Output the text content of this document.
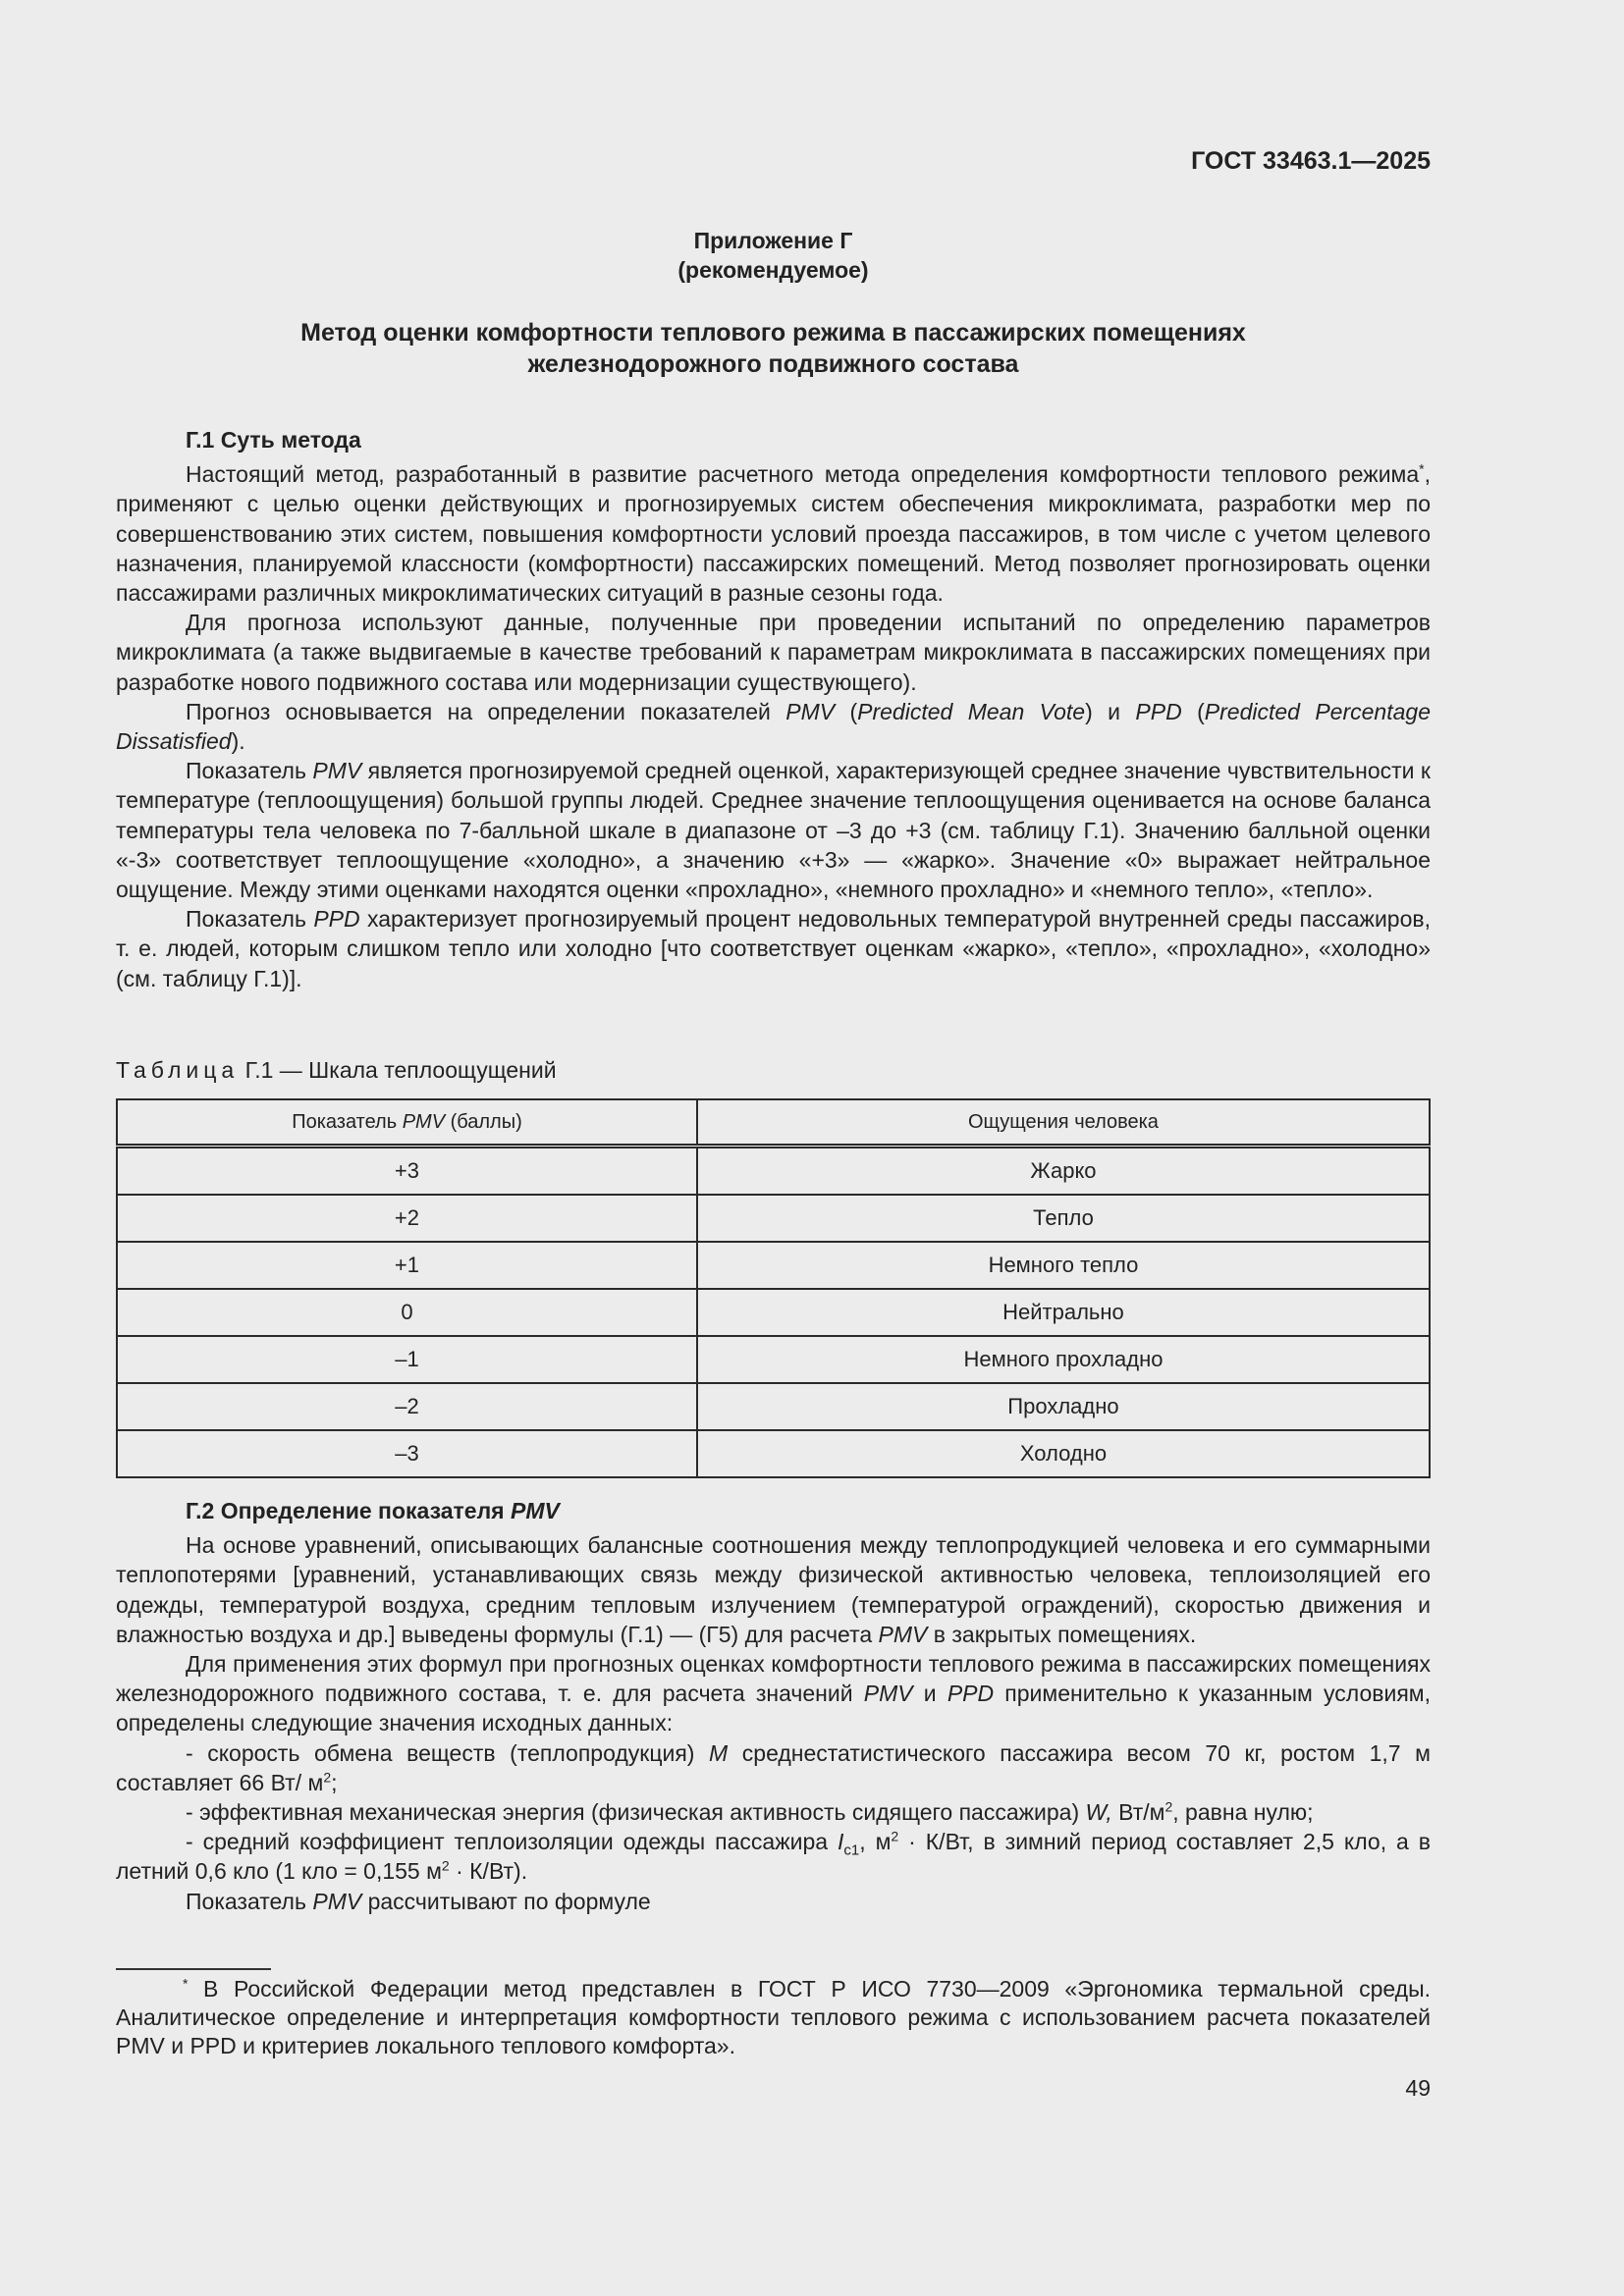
ГОСТ 33463.1—2025
Приложение Г
(рекомендуемое)
Метод оценки комфортности теплового режима в пассажирских помещениях
железнодорожного подвижного состава

Г.1 Суть метода

Настоящий метод, разработанный в развитие расчетного метода определения комфортности теплового режима*, применяют с целью оценки действующих и прогнозируемых систем обеспечения микроклимата, разработки мер по совершенствованию этих систем, повышения комфортности условий проезда пассажиров, в том числе с учетом целевого назначения, планируемой классности (комфортности) пассажирских помещений. Метод позволяет прогнозировать оценки пассажирами различных микроклиматических ситуаций в разные сезоны года.

Для прогноза используют данные, полученные при проведении испытаний по определению параметров микроклимата (а также выдвигаемые в качестве требований к параметрам микроклимата в пассажирских помещениях при разработке нового подвижного состава или модернизации существующего).

Прогноз основывается на определении показателей PMV (Predicted Mean Vote) и PPD (Predicted Percentage Dissatisfied).

Показатель PMV является прогнозируемой средней оценкой, характеризующей среднее значение чувствительности к температуре (теплоощущения) большой группы людей. Среднее значение теплоощущения оценивается на основе баланса температуры тела человека по 7-балльной шкале в диапазоне от –3 до +3 (см. таблицу Г.1). Значению балльной оценки «-3» соответствует теплоощущение «холодно», а значению «+3» — «жарко». Значение «0» выражает нейтральное ощущение. Между этими оценками находятся оценки «прохладно», «немного прохладно» и «немного тепло», «тепло».

Показатель PPD характеризует прогнозируемый процент недовольных температурой внутренней среды пассажиров, т. е. людей, которым слишком тепло или холодно [что соответствует оценкам «жарко», «тепло», «прохладно», «холодно» (см. таблицу Г.1)].

Таблица Г.1 — Шкала теплоощущений
Показатель PMV (баллы)	Ощущения человека
+3	Жарко
+2	Тепло
+1	Немного тепло
0	Нейтрально
–1	Немного прохладно
–2	Прохладно
–3	Холодно

Г.2 Определение показателя PMV

На основе уравнений, описывающих балансные соотношения между теплопродукцией человека и его суммарными теплопотерями [уравнений, устанавливающих связь между физической активностью человека, теплоизоляцией его одежды, температурой воздуха, средним тепловым излучением (температурой ограждений), скоростью движения и влажностью воздуха и др.] выведены формулы (Г.1) — (Г5) для расчета PMV в закрытых помещениях.

Для применения этих формул при прогнозных оценках комфортности теплового режима в пассажирских помещениях железнодорожного подвижного состава, т. е. для расчета значений PMV и PPD применительно к указанным условиям, определены следующие значения исходных данных:

- скорость обмена веществ (теплопродукция) M среднестатистического пассажира весом 70 кг, ростом 1,7 м составляет 66 Вт/ $м^2$;

- эффективная механическая энергия (физическая активность сидящего пассажира) W, $Вт/м^2$, равна нулю;

- средний коэффициент теплоизоляции одежды пассажира $I_{c1}$, $м^2 \cdot К/Вт$, в зимний период составляет 2,5 кло, а в летний 0,6 кло (1 кло = 0,155 $м^2 \cdot К/Вт$).

Показатель PMV рассчитывают по формуле

* В Российской Федерации метод представлен в ГОСТ Р ИСО 7730—2009 «Эргономика термальной среды. Аналитическое определение и интерпретация комфортности теплового режима с использованием расчета показателей PMV и PPD и критериев локального теплового комфорта».

49
